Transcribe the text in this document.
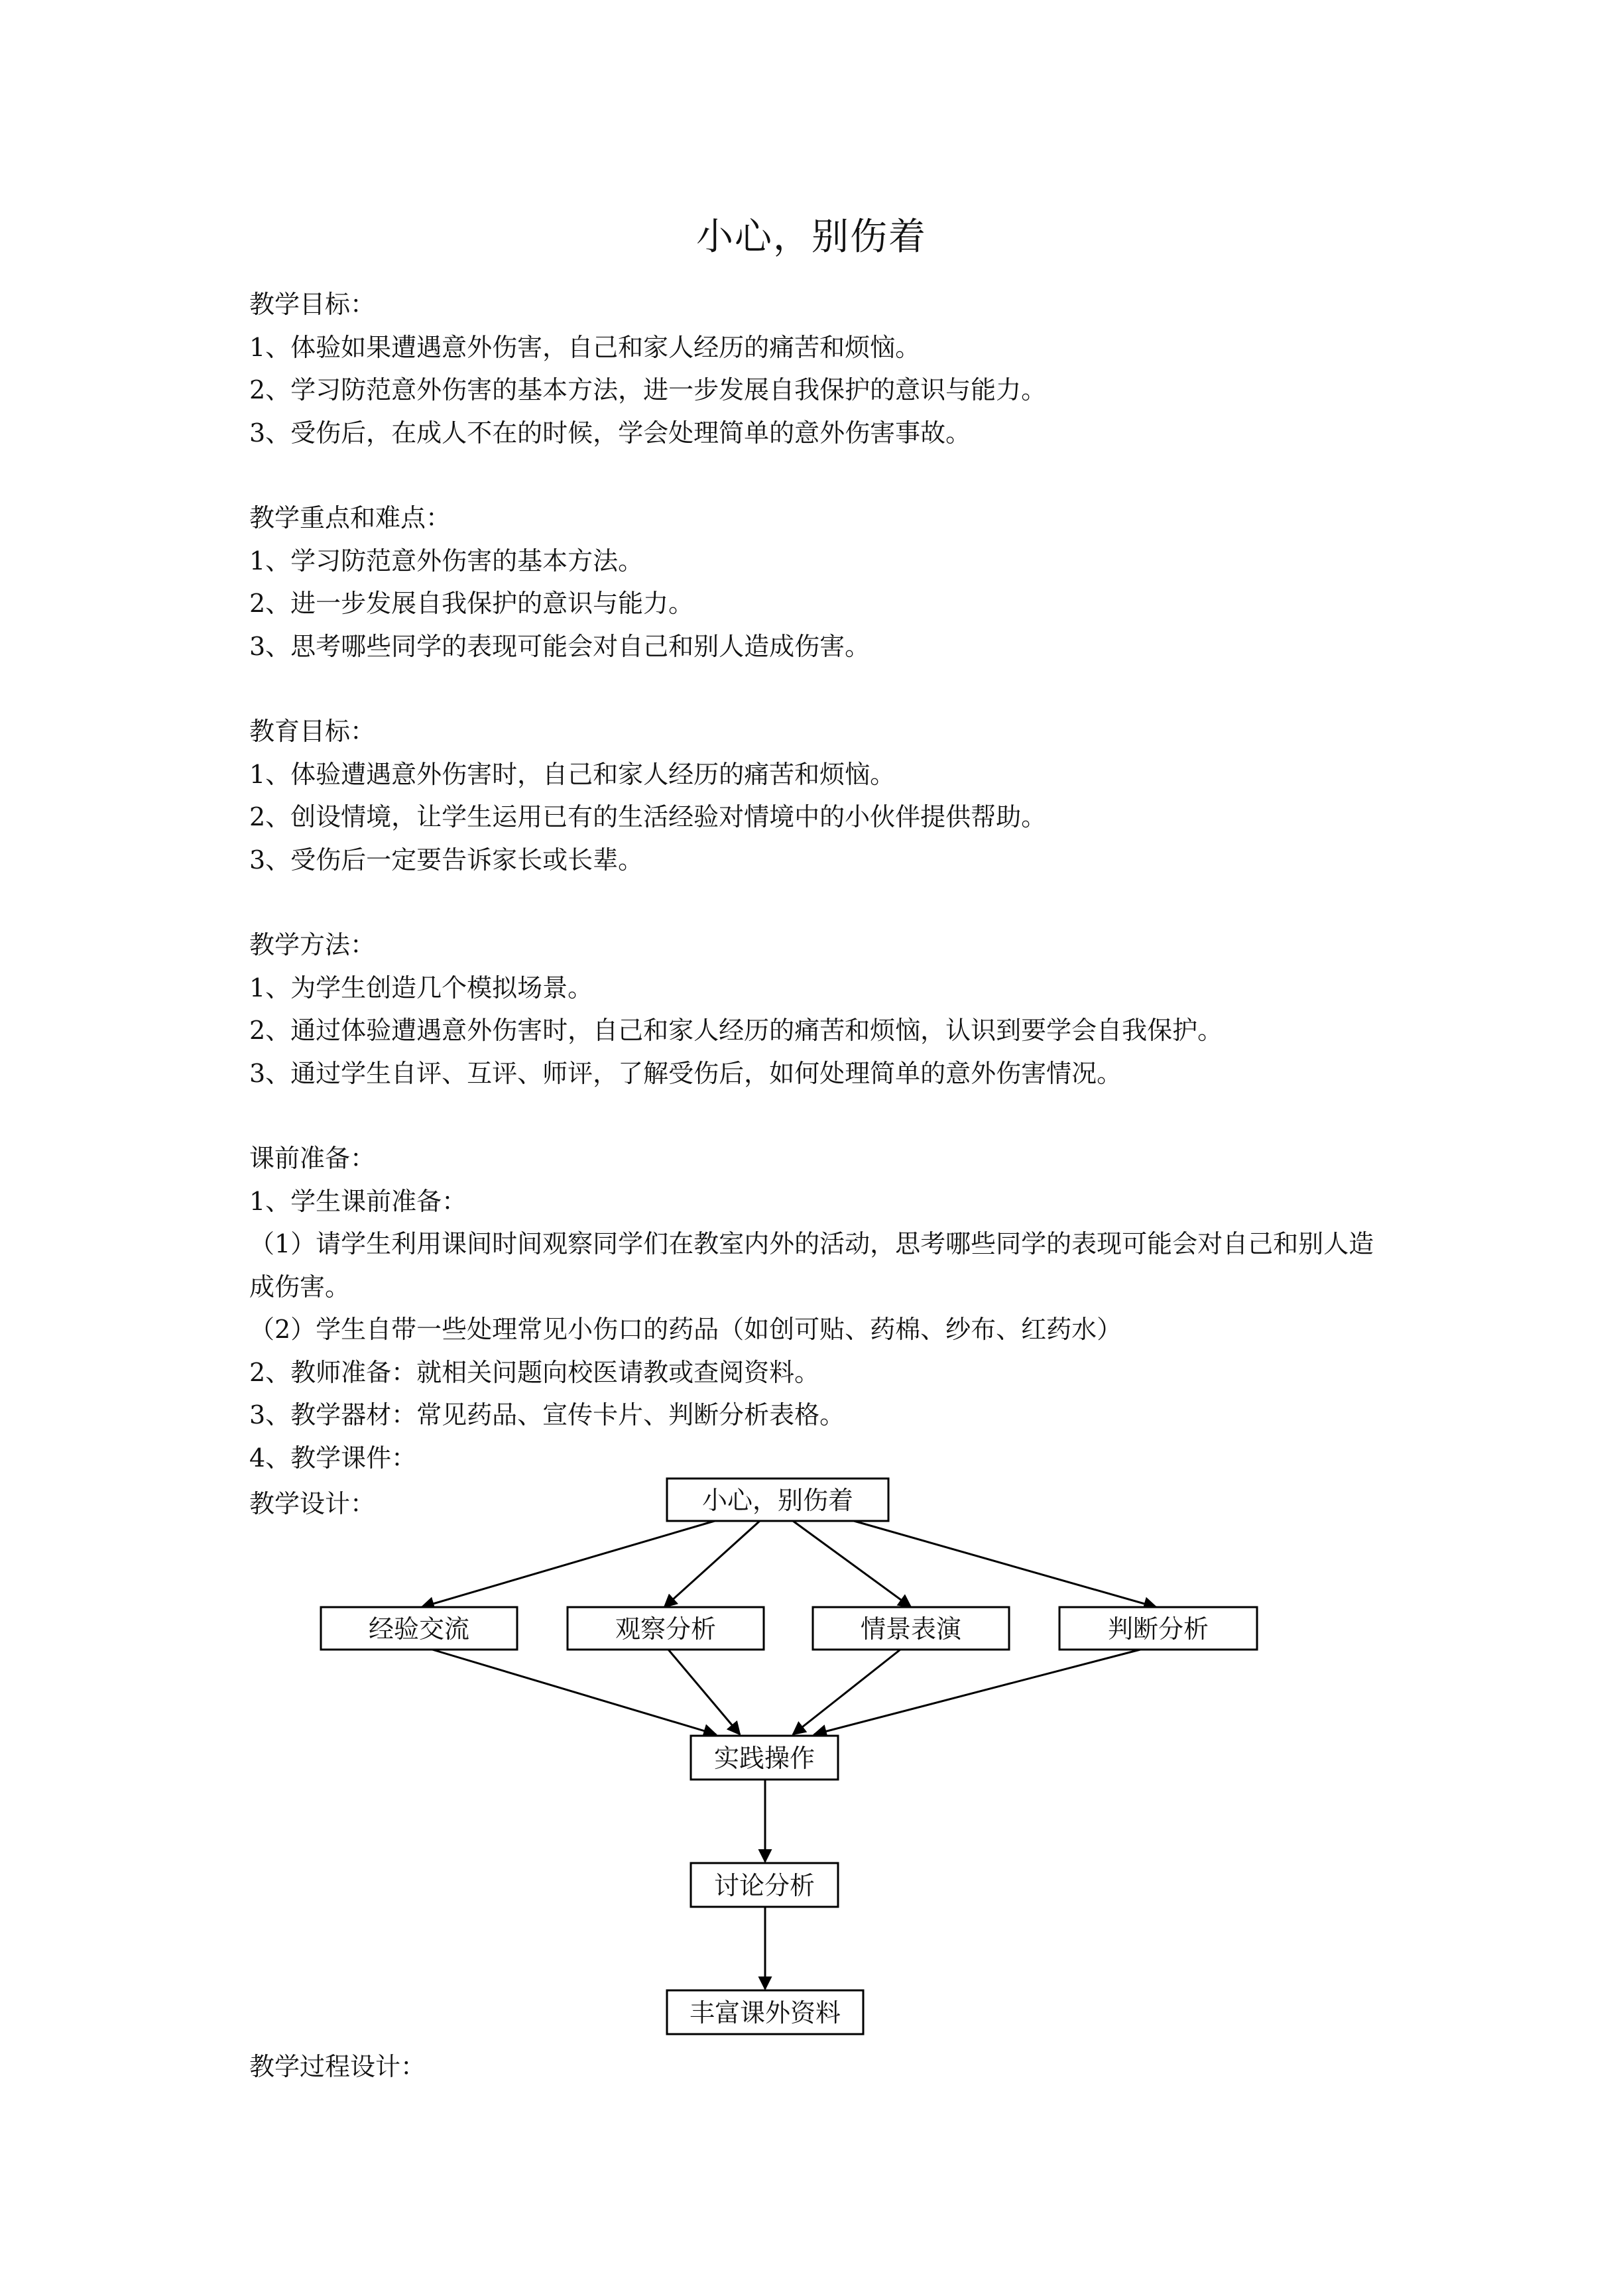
小心，别伤着
教学目标：
1、体验如果遭遇意外伤害，自己和家人经历的痛苦和烦恼。
2、学习防范意外伤害的基本方法，进一步发展自我保护的意识与能力。
3、受伤后，在成人不在的时候，学会处理简单的意外伤害事故。
教学重点和难点：
1、学习防范意外伤害的基本方法。
2、进一步发展自我保护的意识与能力。
3、思考哪些同学的表现可能会对自己和别人造成伤害。
教育目标：
1、体验遭遇意外伤害时，自己和家人经历的痛苦和烦恼。
2、创设情境，让学生运用已有的生活经验对情境中的小伙伴提供帮助。
3、受伤后一定要告诉家长或长辈。
教学方法：
1、为学生创造几个模拟场景。
2、通过体验遭遇意外伤害时，自己和家人经历的痛苦和烦恼，认识到要学会自我保护。
3、通过学生自评、互评、师评，了解受伤后，如何处理简单的意外伤害情况。
课前准备：
1、学生课前准备：
（1）请学生利用课间时间观察同学们在教室内外的活动，思考哪些同学的表现可能会对自己和别人造成伤害。
（2）学生自带一些处理常见小伤口的药品（如创可贴、药棉、纱布、红药水）
2、教师准备：就相关问题向校医请教或查阅资料。
3、教学器材：常见药品、宣传卡片、判断分析表格。
4、教学课件：
教学设计：	小心，别伤着
经验交流	观察分析	情景表演	判断分析
实践操作
讨论分析
丰富课外资料
教学过程设计：
